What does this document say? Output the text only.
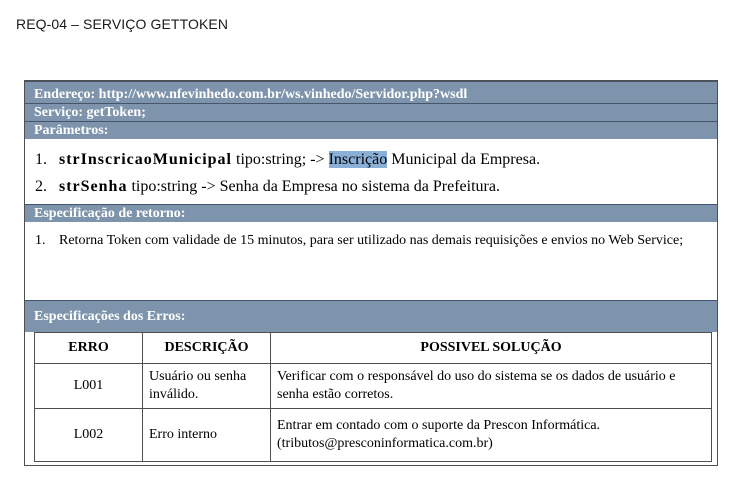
REQ-04 – SERVIÇO GETTOKEN
Endereço: http://www.nfevinhedo.com.br/ws.vinhedo/Servidor.php?wsdl
Serviço: getToken;
Parâmetros:
1. strInscricaoMunicipal tipo:string; -> Inscrição Municipal da Empresa.
2. strSenha tipo:string -> Senha da Empresa no sistema da Prefeitura.
Especificação de retorno:
1. Retorna Token com validade de 15 minutos, para ser utilizado nas demais requisições e envios no Web Service;
Especificações dos Erros:
ERRO	DESCRIÇÃO	POSSIVEL SOLUÇÃO
L001	Usuário ou senha inválido.	Verificar com o responsável do uso do sistema se os dados de usuário e senha estão corretos.
L002	Erro interno	Entrar em contado com o suporte da Prescon Informática.(tributos@presconinformatica.com.br)
